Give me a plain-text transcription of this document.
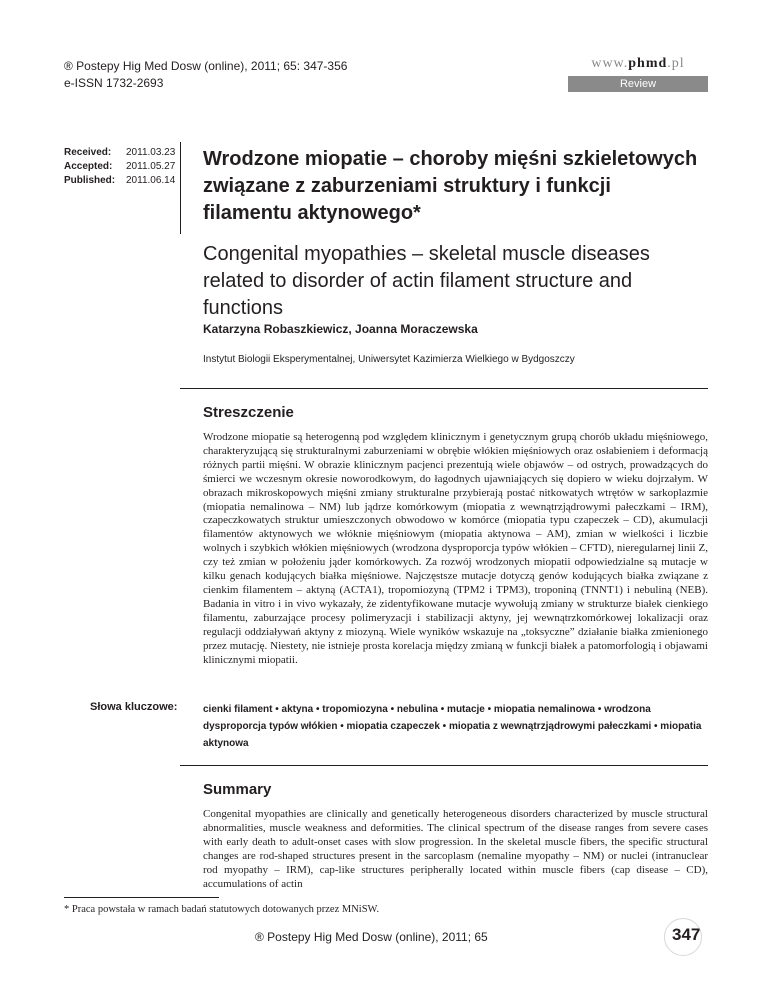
® Postepy Hig Med Dosw (online), 2011; 65: 347-356
e-ISSN 1732-2693
www.phmd.pl
Review
Received:	2011.03.23
Accepted:	2011.05.27
Published:	2011.06.14
Wrodzone miopatie – choroby mięśni szkieletowych związane z zaburzeniami struktury i funkcji filamentu aktynowego*
Congenital myopathies – skeletal muscle diseases related to disorder of actin filament structure and functions
Katarzyna Robaszkiewicz, Joanna Moraczewska
Instytut Biologii Eksperymentalnej, Uniwersytet Kazimierza Wielkiego w Bydgoszczy
Streszczenie
Wrodzone miopatie są heterogenną pod względem klinicznym i genetycznym grupą chorób układu mięśniowego, charakteryzującą się strukturalnymi zaburzeniami w obrębie włókien mięśniowych oraz osłabieniem i deformacją różnych partii mięśni. W obrazie klinicznym pacjenci prezentują wiele objawów – od ostrych, prowadzących do śmierci we wczesnym okresie noworodkowym, do łagodnych ujawniających się dopiero w wieku dojrzałym. W obrazach mikroskopowych mięśni zmiany strukturalne przybierają postać nitkowatych wtrętów w sarkoplazmie (miopatia nemalinowa – NM) lub jądrze komórkowym (miopatia z wewnątrzjądrowymi pałeczkami – IRM), czapeczkowatych struktur umieszczonych obwodowo w komórce (miopatia typu czapeczek – CD), akumulacji filamentów aktynowych we włóknie mięśniowym (miopatia aktynowa – AM), zmian w wielkości i liczbie wolnych i szybkich włókien mięśniowych (wrodzona dysproporcja typów włókien – CFTD), nieregularnej linii Z, czy też zmian w położeniu jąder komórkowych. Za rozwój wrodzonych miopatii odpowiedzialne są mutacje w kilku genach kodujących białka mięśniowe. Najczęstsze mutacje dotyczą genów kodujących białka związane z cienkim filamentem – aktyną (ACTA1), tropomiozyną (TPM2 i TPM3), troponiną (TNNT1) i nebuliną (NEB). Badania in vitro i in vivo wykazały, że zidentyfikowane mutacje wywołują zmiany w strukturze białek cienkiego filamentu, zaburzające procesy polimeryzacji i stabilizacji aktyny, jej wewnątrzkomórkowej lokalizacji oraz regulacji oddziaływań aktyny z miozyną. Wiele wyników wskazuje na „toksyczne” działanie białka zmienionego przez mutację. Niestety, nie istnieje prosta korelacja między zmianą w funkcji białek a patomorfologią i objawami klinicznymi miopatii.
Słowa kluczowe:	cienki filament • aktyna • tropomiozyna • nebulina • mutacje • miopatia nemalinowa • wrodzona dysproporcja typów włókien • miopatia czapeczek • miopatia z wewnątrzjądrowymi pałeczkami • miopatia aktynowa
Summary
Congenital myopathies are clinically and genetically heterogeneous disorders characterized by muscle structural abnormalities, muscle weakness and deformities. The clinical spectrum of the disease ranges from severe cases with early death to adult-onset cases with slow progression. In the skeletal muscle fibers, the specific structural changes are rod-shaped structures present in the sarcoplasm (nemaline myopathy – NM) or nuclei (intranuclear rod myopathy – IRM), cap-like structures peripherally located within muscle fibers (cap disease – CD), accumulations of actin
* Praca powstała w ramach badań statutowych dotowanych przez MNiSW.
® Postepy Hig Med Dosw (online), 2011; 65	347
